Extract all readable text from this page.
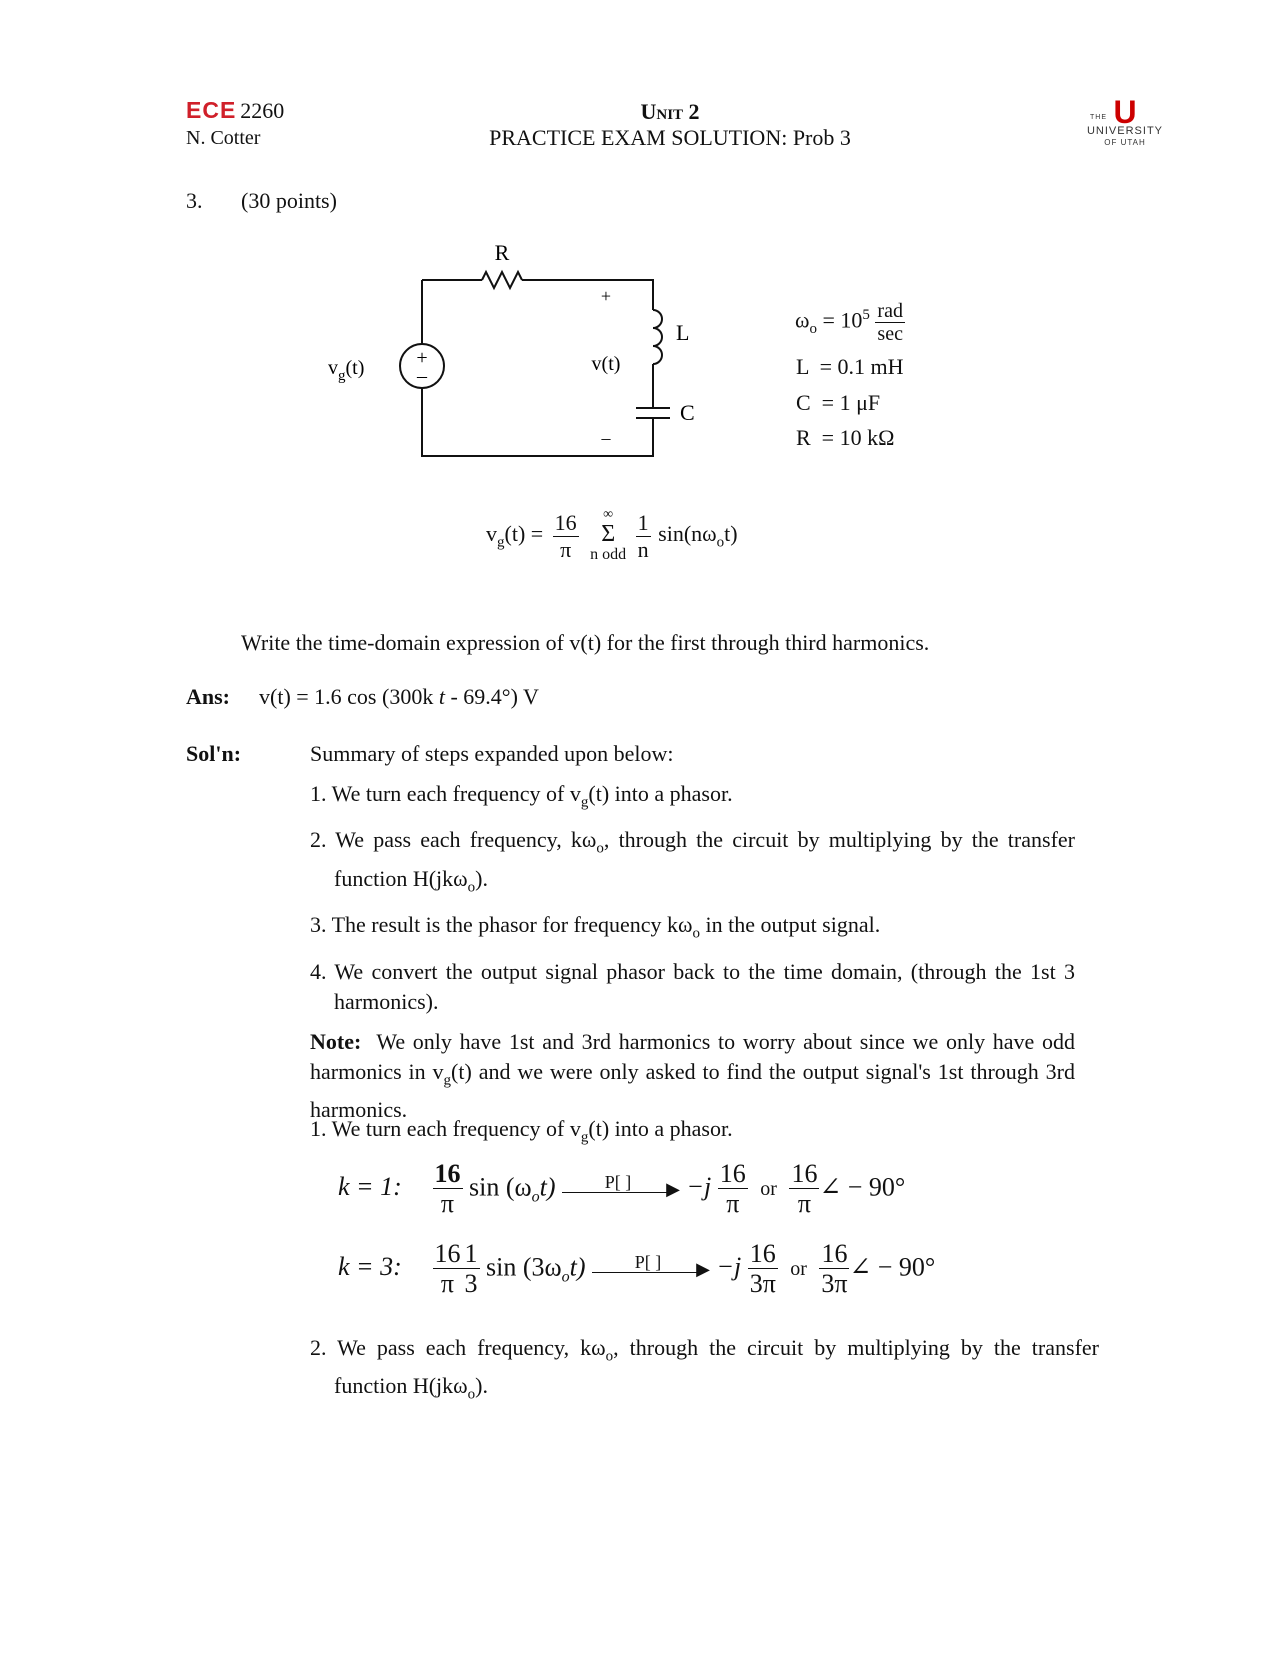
ECE 2260
N. Cotter
Unit 2
PRACTICE EXAM SOLUTION: Prob 3
THE U
UNIVERSITY
OF UTAH
3. (30 points)
+
–
R
L
C
+
v(t)
–
$v_g(t)$
$\omega_o = 10^5 \frac{\text{rad}}{\sec}$
L  = 0.1 mH
C  = 1 μF
R  = 10 kΩ
$v_g(t) = \frac{16}{\pi}$
	∞
Σ
n odd
$\frac{1}{n} \sin(n\omega_ot)$
Write the time-domain expression of v(t) for the first through third harmonics.
Ans: v(t) = 1.6 cos (300k t - 69.4°) V
Sol'n:	Summary of steps expanded upon below:
1. We turn each frequency of $v_g(t)$ into a phasor.
2. We pass each frequency, $k\omega_o$, through the circuit by multiplying by the transfer function H(jkω$_o$).
3. The result is the phasor for frequency $k\omega_o$ in the output signal.
4. We convert the output signal phasor back to the time domain, (through the 1st 3 harmonics).
Note: We only have 1st and 3rd harmonics to worry about since we only have odd harmonics in $v_g(t)$ and we were only asked to find the output signal's 1st through 3rd harmonics.
1. We turn each frequency of $v_g(t)$ into a phasor.
k = 1: $\frac{16}{\pi}$ $\sin (\omega_ot) \frac{P[ ]}{▶} -j \frac{16}{\pi}$ or $\frac{16}{\pi}$ ∠ − 90°
k = 3: $\frac{16}{\pi} \frac{1}{3}$ $\sin (3\omega_ot) \frac{P[ ]}{▶} -j \frac{16}{3\pi}$ or $\frac{16}{3\pi}$ ∠ − 90°
2. We pass each frequency, $k\omega_o$, through the circuit by multiplying by the transfer function H(jkω$_o$).
